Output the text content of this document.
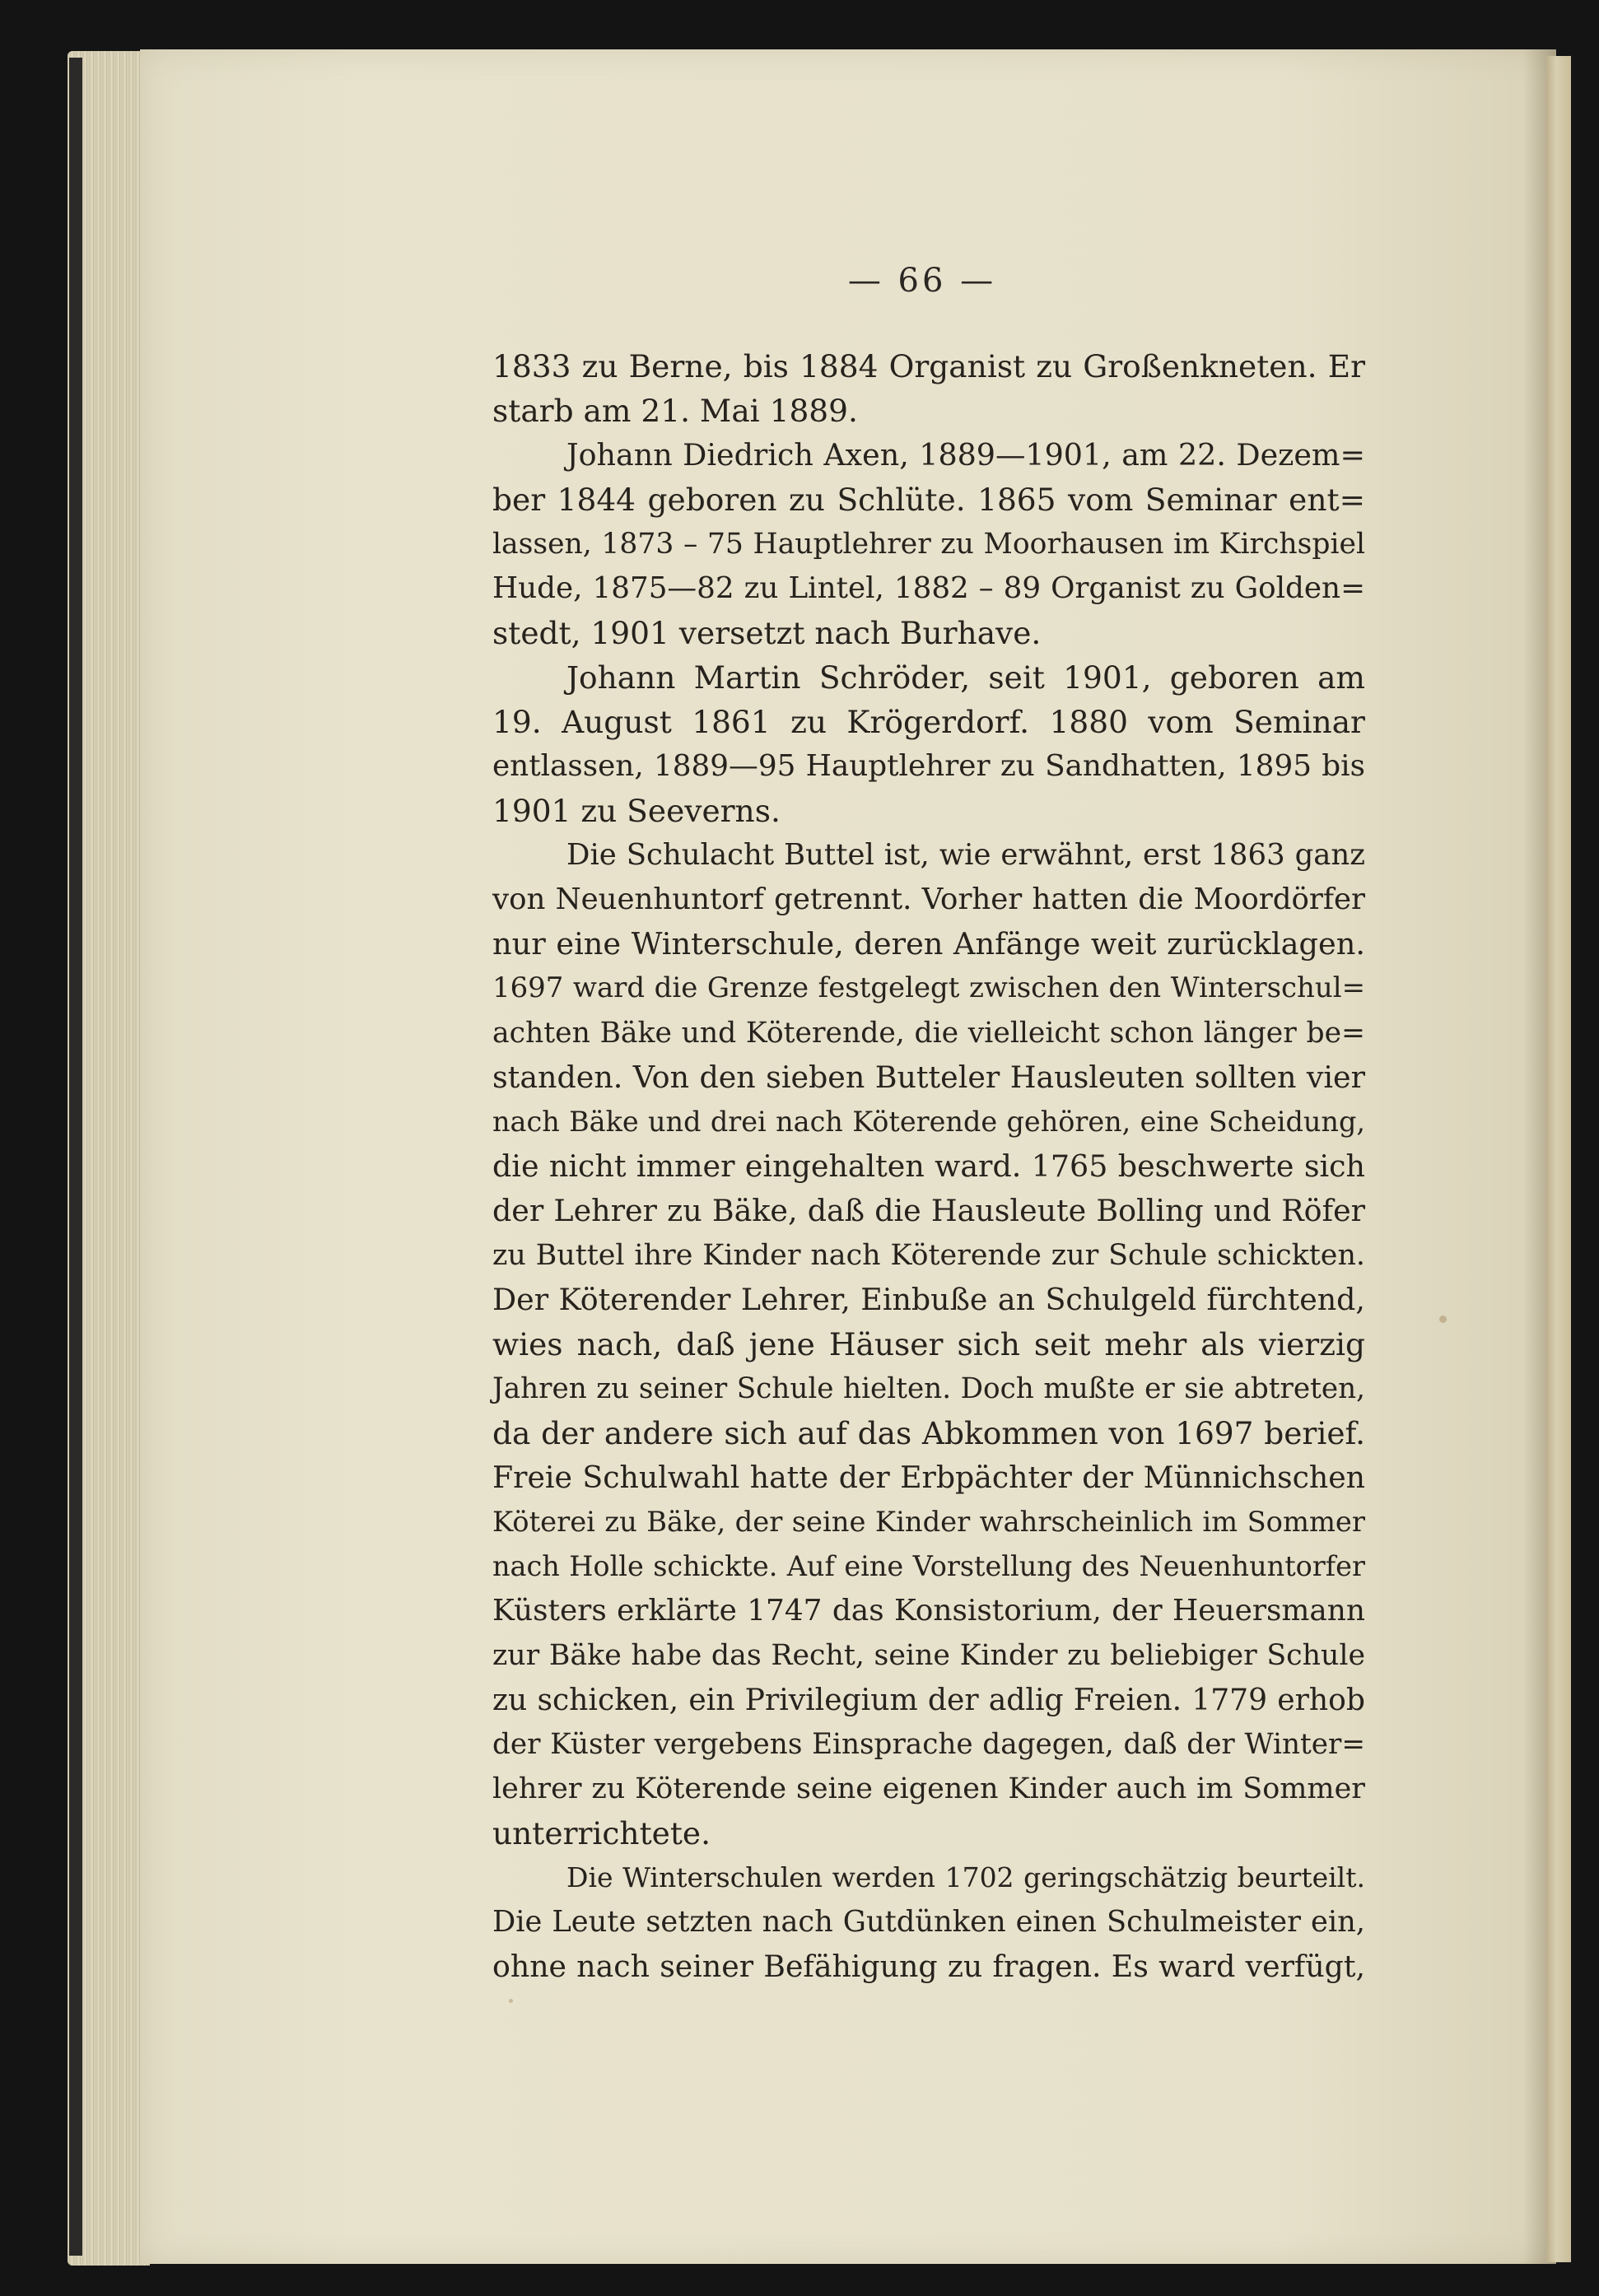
— 66 —
1833 zu Berne, bis 1884 Organist zu Großenkneten. Er
starb am 21. Mai 1889.
Johann Diedrich Axen, 1889—1901, am 22. Dezem=
ber 1844 geboren zu Schlüte. 1865 vom Seminar ent=
lassen, 1873 – 75 Hauptlehrer zu Moorhausen im Kirchspiel
Hude, 1875—82 zu Lintel, 1882 – 89 Organist zu Golden=
stedt, 1901 versetzt nach Burhave.
Johann Martin Schröder, seit 1901, geboren am
19. August 1861 zu Krögerdorf. 1880 vom Seminar
entlassen, 1889—95 Hauptlehrer zu Sandhatten, 1895 bis
1901 zu Seeverns.
Die Schulacht Buttel ist, wie erwähnt, erst 1863 ganz
von Neuenhuntorf getrennt. Vorher hatten die Moordörfer
nur eine Winterschule, deren Anfänge weit zurücklagen.
1697 ward die Grenze festgelegt zwischen den Winterschul=
achten Bäke und Köterende, die vielleicht schon länger be=
standen. Von den sieben Butteler Hausleuten sollten vier
nach Bäke und drei nach Köterende gehören, eine Scheidung,
die nicht immer eingehalten ward. 1765 beschwerte sich
der Lehrer zu Bäke, daß die Hausleute Bolling und Röfer
zu Buttel ihre Kinder nach Köterende zur Schule schickten.
Der Köterender Lehrer, Einbuße an Schulgeld fürchtend,
wies nach, daß jene Häuser sich seit mehr als vierzig
Jahren zu seiner Schule hielten. Doch mußte er sie abtreten,
da der andere sich auf das Abkommen von 1697 berief.
Freie Schulwahl hatte der Erbpächter der Münnichschen
Köterei zu Bäke, der seine Kinder wahrscheinlich im Sommer
nach Holle schickte. Auf eine Vorstellung des Neuenhuntorfer
Küsters erklärte 1747 das Konsistorium, der Heuersmann
zur Bäke habe das Recht, seine Kinder zu beliebiger Schule
zu schicken, ein Privilegium der adlig Freien. 1779 erhob
der Küster vergebens Einsprache dagegen, daß der Winter=
lehrer zu Köterende seine eigenen Kinder auch im Sommer
unterrichtete.
Die Winterschulen werden 1702 geringschätzig beurteilt.
Die Leute setzten nach Gutdünken einen Schulmeister ein,
ohne nach seiner Befähigung zu fragen. Es ward verfügt,
